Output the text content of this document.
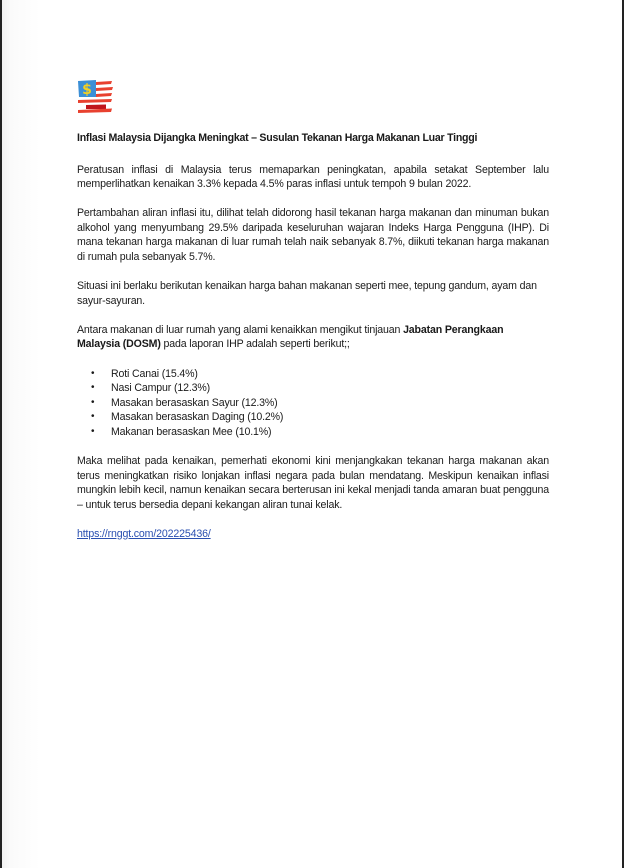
$
Inflasi Malaysia Dijangka Meningkat – Susulan Tekanan Harga Makanan Luar Tinggi

Peratusan inflasi di Malaysia terus memaparkan peningkatan, apabila setakat September lalu memperlihatkan kenaikan 3.3% kepada 4.5% paras inflasi untuk tempoh 9 bulan 2022.

Pertambahan aliran inflasi itu, dilihat telah didorong hasil tekanan harga makanan dan minuman bukan alkohol yang menyumbang 29.5% daripada keseluruhan wajaran Indeks Harga Pengguna (IHP). Di mana tekanan harga makanan di luar rumah telah naik sebanyak 8.7%, diikuti tekanan harga makanan di rumah pula sebanyak 5.7%.

Situasi ini berlaku berikutan kenaikan harga bahan makanan seperti mee, tepung gandum, ayam dan sayur-sayuran.

Antara makanan di luar rumah yang alami kenaikkan mengikut tinjauan Jabatan Perangkaan Malaysia (DOSM) pada laporan IHP adalah seperti berikut;;

• Roti Canai (15.4%)
• Nasi Campur (12.3%)
• Masakan berasaskan Sayur (12.3%)
• Masakan berasaskan Daging (10.2%)
• Makanan berasaskan Mee (10.1%)

Maka melihat pada kenaikan, pemerhati ekonomi kini menjangkakan tekanan harga makanan akan terus meningkatkan risiko lonjakan inflasi negara pada bulan mendatang. Meskipun kenaikan inflasi mungkin lebih kecil, namun kenaikan secara berterusan ini kekal menjadi tanda amaran buat pengguna – untuk terus bersedia depani kekangan aliran tunai kelak.

https://rnggt.com/202225436/
